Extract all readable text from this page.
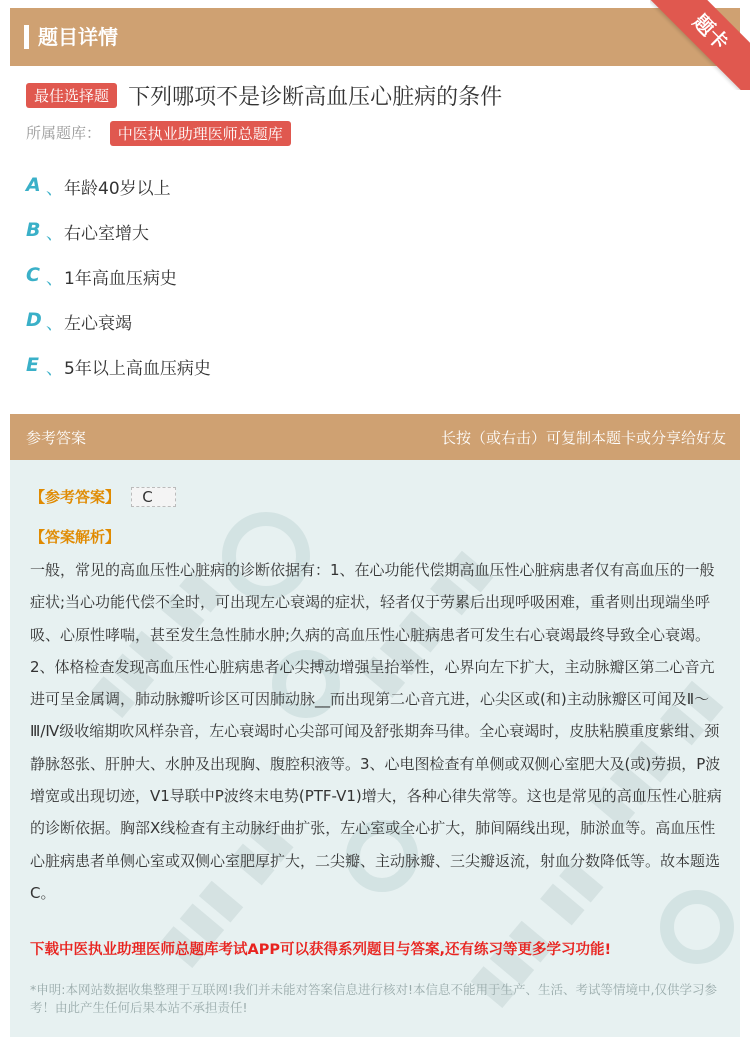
题目详情	题卡
最佳选择题 下列哪项不是诊断高血压心脏病的条件
所属题库： 中医执业助理医师总题库
A 、 年龄40岁以上
B 、 右心室增大
C 、 1年高血压病史
D 、 左心衰竭
E 、 5年以上高血压病史
参考答案	长按（或右击）可复制本题卡或分享给好友
▮▮▮ ▮▮ ▮▮▮ ▮▮
▮▮▮ ▮▮
▮▮▮ ▮▮	▮▮▮ ▮▮
【参考答案】 C
【答案解析】
一般，常见的高血压性心脏病的诊断依据有：1、在心功能代偿期高血压性心脏病患者仅有高血压的一般症状;当心功能代偿不全时，可出现左心衰竭的症状，轻者仅于劳累后出现呼吸困难，重者则出现端坐呼吸、心原性哮喘，甚至发生急性肺水肿;久病的高血压性心脏病患者可发生右心衰竭最终导致全心衰竭。2、体格检查发现高血压性心脏病患者心尖搏动增强呈抬举性，心界向左下扩大，主动脉瓣区第二心音亢进可呈金属调，肺动脉瓣听诊区可因肺动脉__而出现第二心音亢进，心尖区或(和)主动脉瓣区可闻及Ⅱ～Ⅲ/Ⅳ级收缩期吹风样杂音，左心衰竭时心尖部可闻及舒张期奔马律。全心衰竭时，皮肤粘膜重度紫绀、颈静脉怒张、肝肿大、水肿及出现胸、腹腔积液等。3、心电图检查有单侧或双侧心室肥大及(或)劳损，P波增宽或出现切迹，V1导联中P波终末电势(PTF-V1)增大，各种心律失常等。这也是常见的高血压性心脏病的诊断依据。胸部X线检查有主动脉纡曲扩张，左心室或全心扩大，肺间隔线出现，肺淤血等。高血压性心脏病患者单侧心室或双侧心室肥厚扩大，二尖瓣、主动脉瓣、三尖瓣返流，射血分数降低等。故本题选C。
下载中医执业助理医师总题库考试APP可以获得系列题目与答案,还有练习等更多学习功能!
*申明:本网站数据收集整理于互联网!我们并未能对答案信息进行核对!本信息不能用于生产、生活、考试等情境中,仅供学习参考！由此产生任何后果本站不承担责任!
